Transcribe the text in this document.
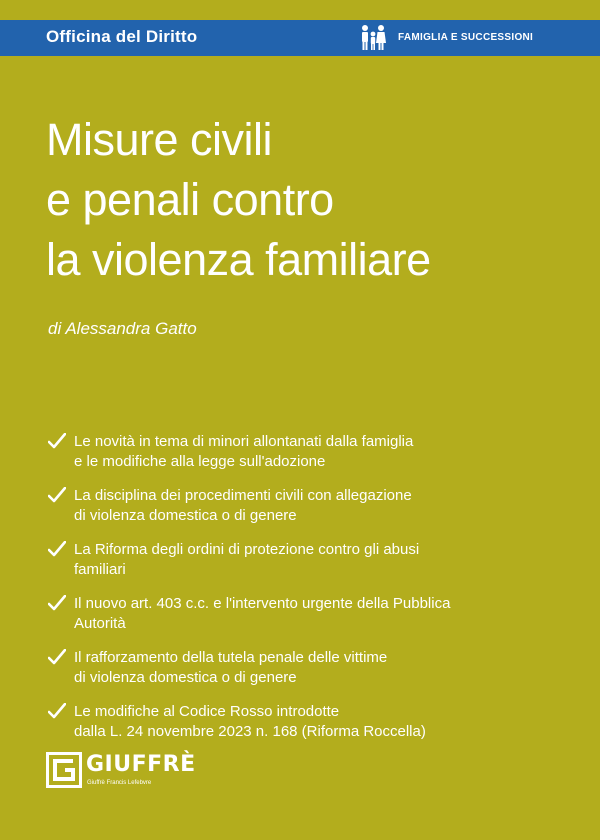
Officina del Diritto	FAMIGLIA E SUCCESSIONI
Misure civili
e penali contro
la violenza familiare
di Alessandra Gatto
Le novità in tema di minori allontanati dalla famiglia
e le modifiche alla legge sull'adozione
La disciplina dei procedimenti civili con allegazione
di violenza domestica o di genere
La Riforma degli ordini di protezione contro gli abusi
familiari
Il nuovo art. 403 c.c. e l'intervento urgente della Pubblica
Autorità
Il rafforzamento della tutela penale delle vittime
di violenza domestica o di genere
Le modifiche al Codice Rosso introdotte
dalla L. 24 novembre 2023 n. 168 (Riforma Roccella)
GIUFFRÈ
Giuffrè Francis Lefebvre
